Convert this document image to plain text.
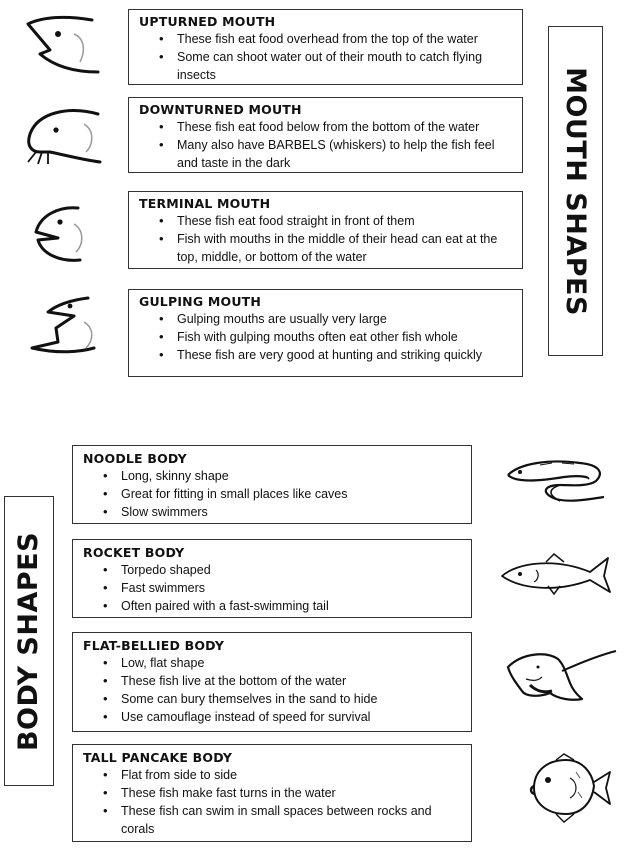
UPTURNED MOUTH
• These fish eat food overhead from the top of the water
• Some can shoot water out of their mouth to catch flying insects
DOWNTURNED MOUTH
• These fish eat food below from the bottom of the water
• Many also have BARBELS (whiskers) to help the fish feel and taste in the dark
TERMINAL MOUTH
• These fish eat food straight in front of them
• Fish with mouths in the middle of their head can eat at the top, middle, or bottom of the water
GULPING MOUTH
• Gulping mouths are usually very large
• Fish with gulping mouths often eat other fish whole
• These fish are very good at hunting and striking quickly
MOUTH SHAPES
BODY SHAPES
NOODLE BODY
• Long, skinny shape
• Great for fitting in small places like caves
• Slow swimmers
ROCKET BODY
• Torpedo shaped
• Fast swimmers
• Often paired with a fast-swimming tail
FLAT-BELLIED BODY
• Low, flat shape
• These fish live at the bottom of the water
• Some can bury themselves in the sand to hide
• Use camouflage instead of speed for survival
TALL PANCAKE BODY
• Flat from side to side
• These fish make fast turns in the water
• These fish can swim in small spaces between rocks and corals
